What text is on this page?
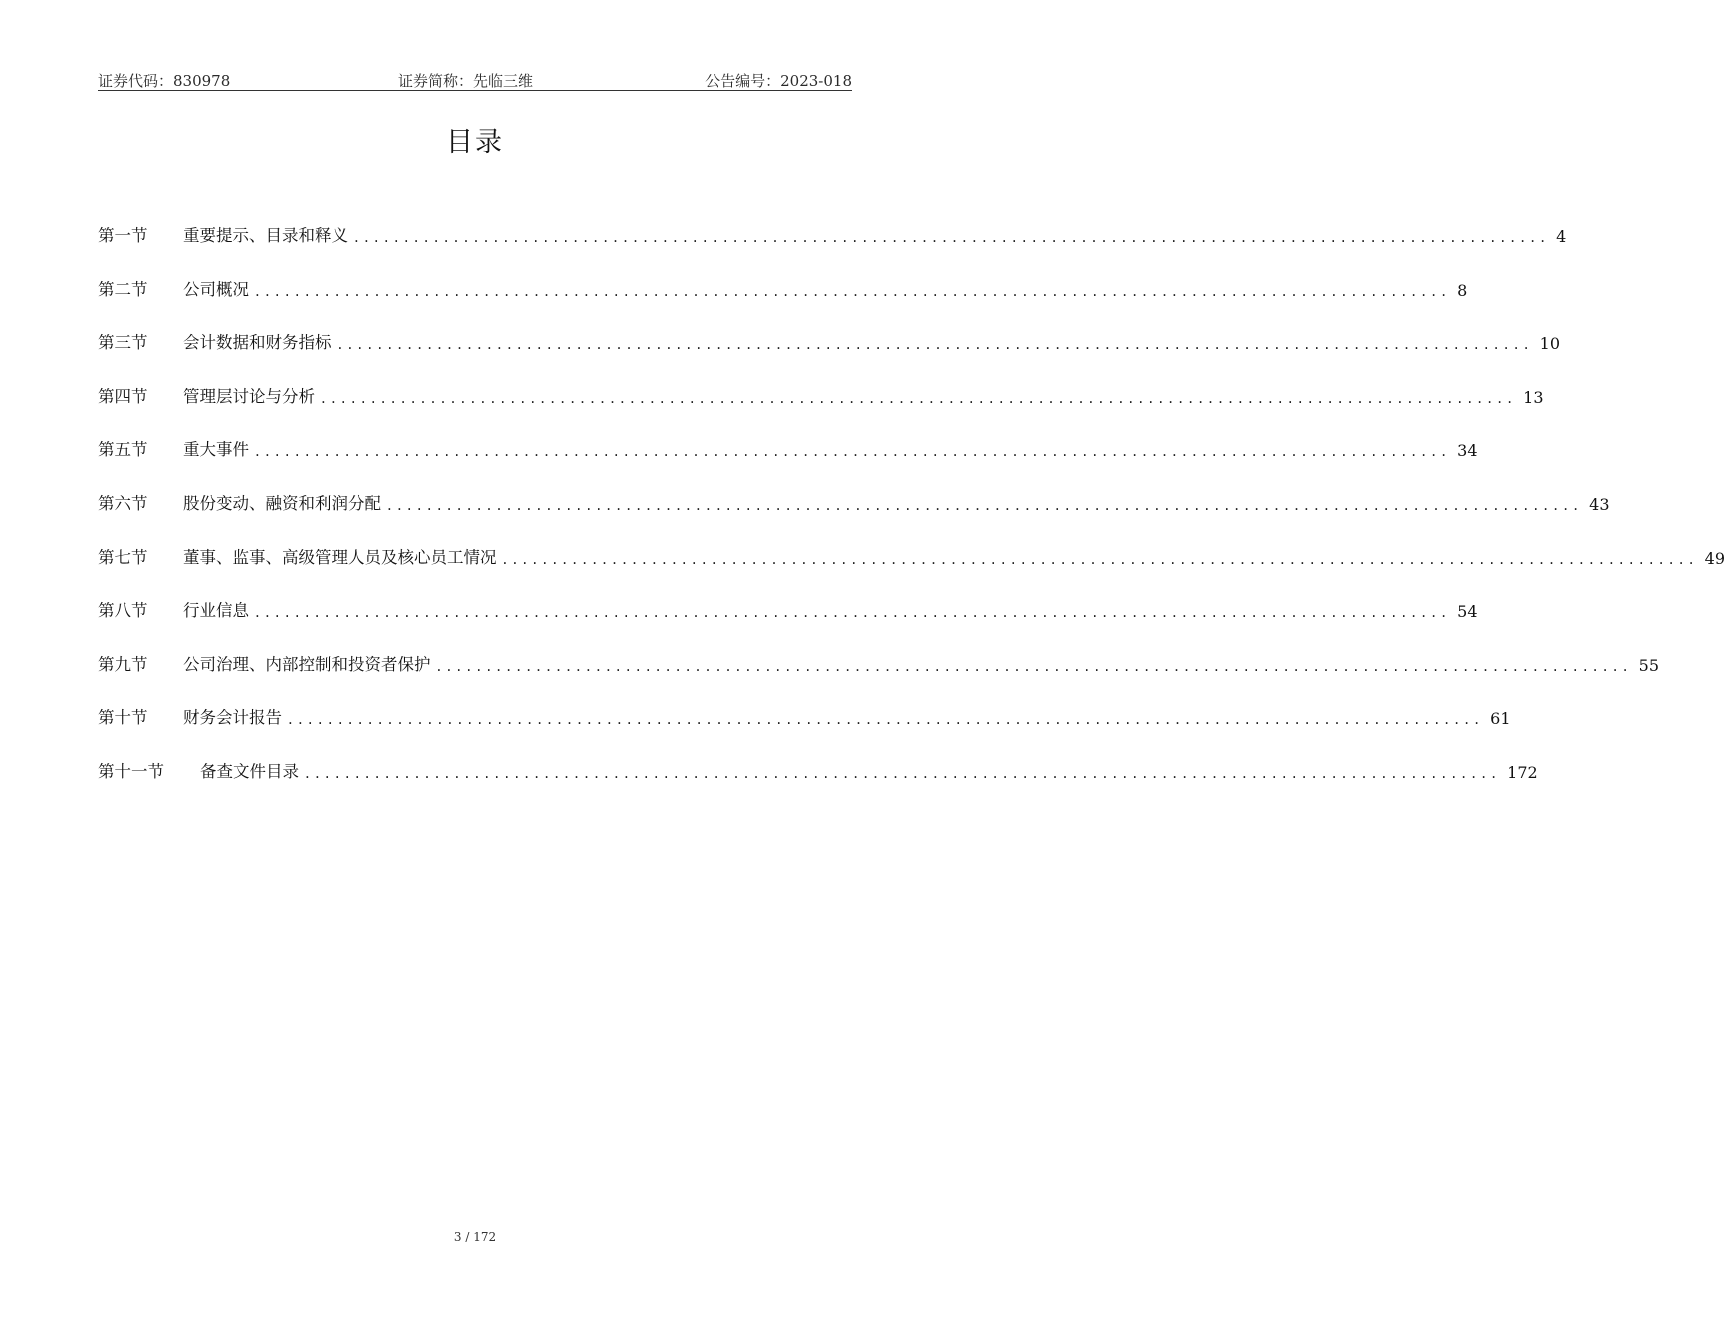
证券代码：830978	证券简称：先临三维	公告编号：2023-018
目录
第一节	重要提示、目录和释义 ........................................................................................................................ 4
第二节	公司概况 ........................................................................................................................ 8
第三节	会计数据和财务指标 ........................................................................................................................ 10
第四节	管理层讨论与分析 ........................................................................................................................ 13
第五节	重大事件 ........................................................................................................................ 34
第六节	股份变动、融资和利润分配 ........................................................................................................................ 43
第七节	董事、监事、高级管理人员及核心员工情况 ........................................................................................................................ 49
第八节	行业信息 ........................................................................................................................ 54
第九节	公司治理、内部控制和投资者保护 ........................................................................................................................ 55
第十节	财务会计报告 ........................................................................................................................ 61
第十一节	备查文件目录 ........................................................................................................................ 172
3 / 172
